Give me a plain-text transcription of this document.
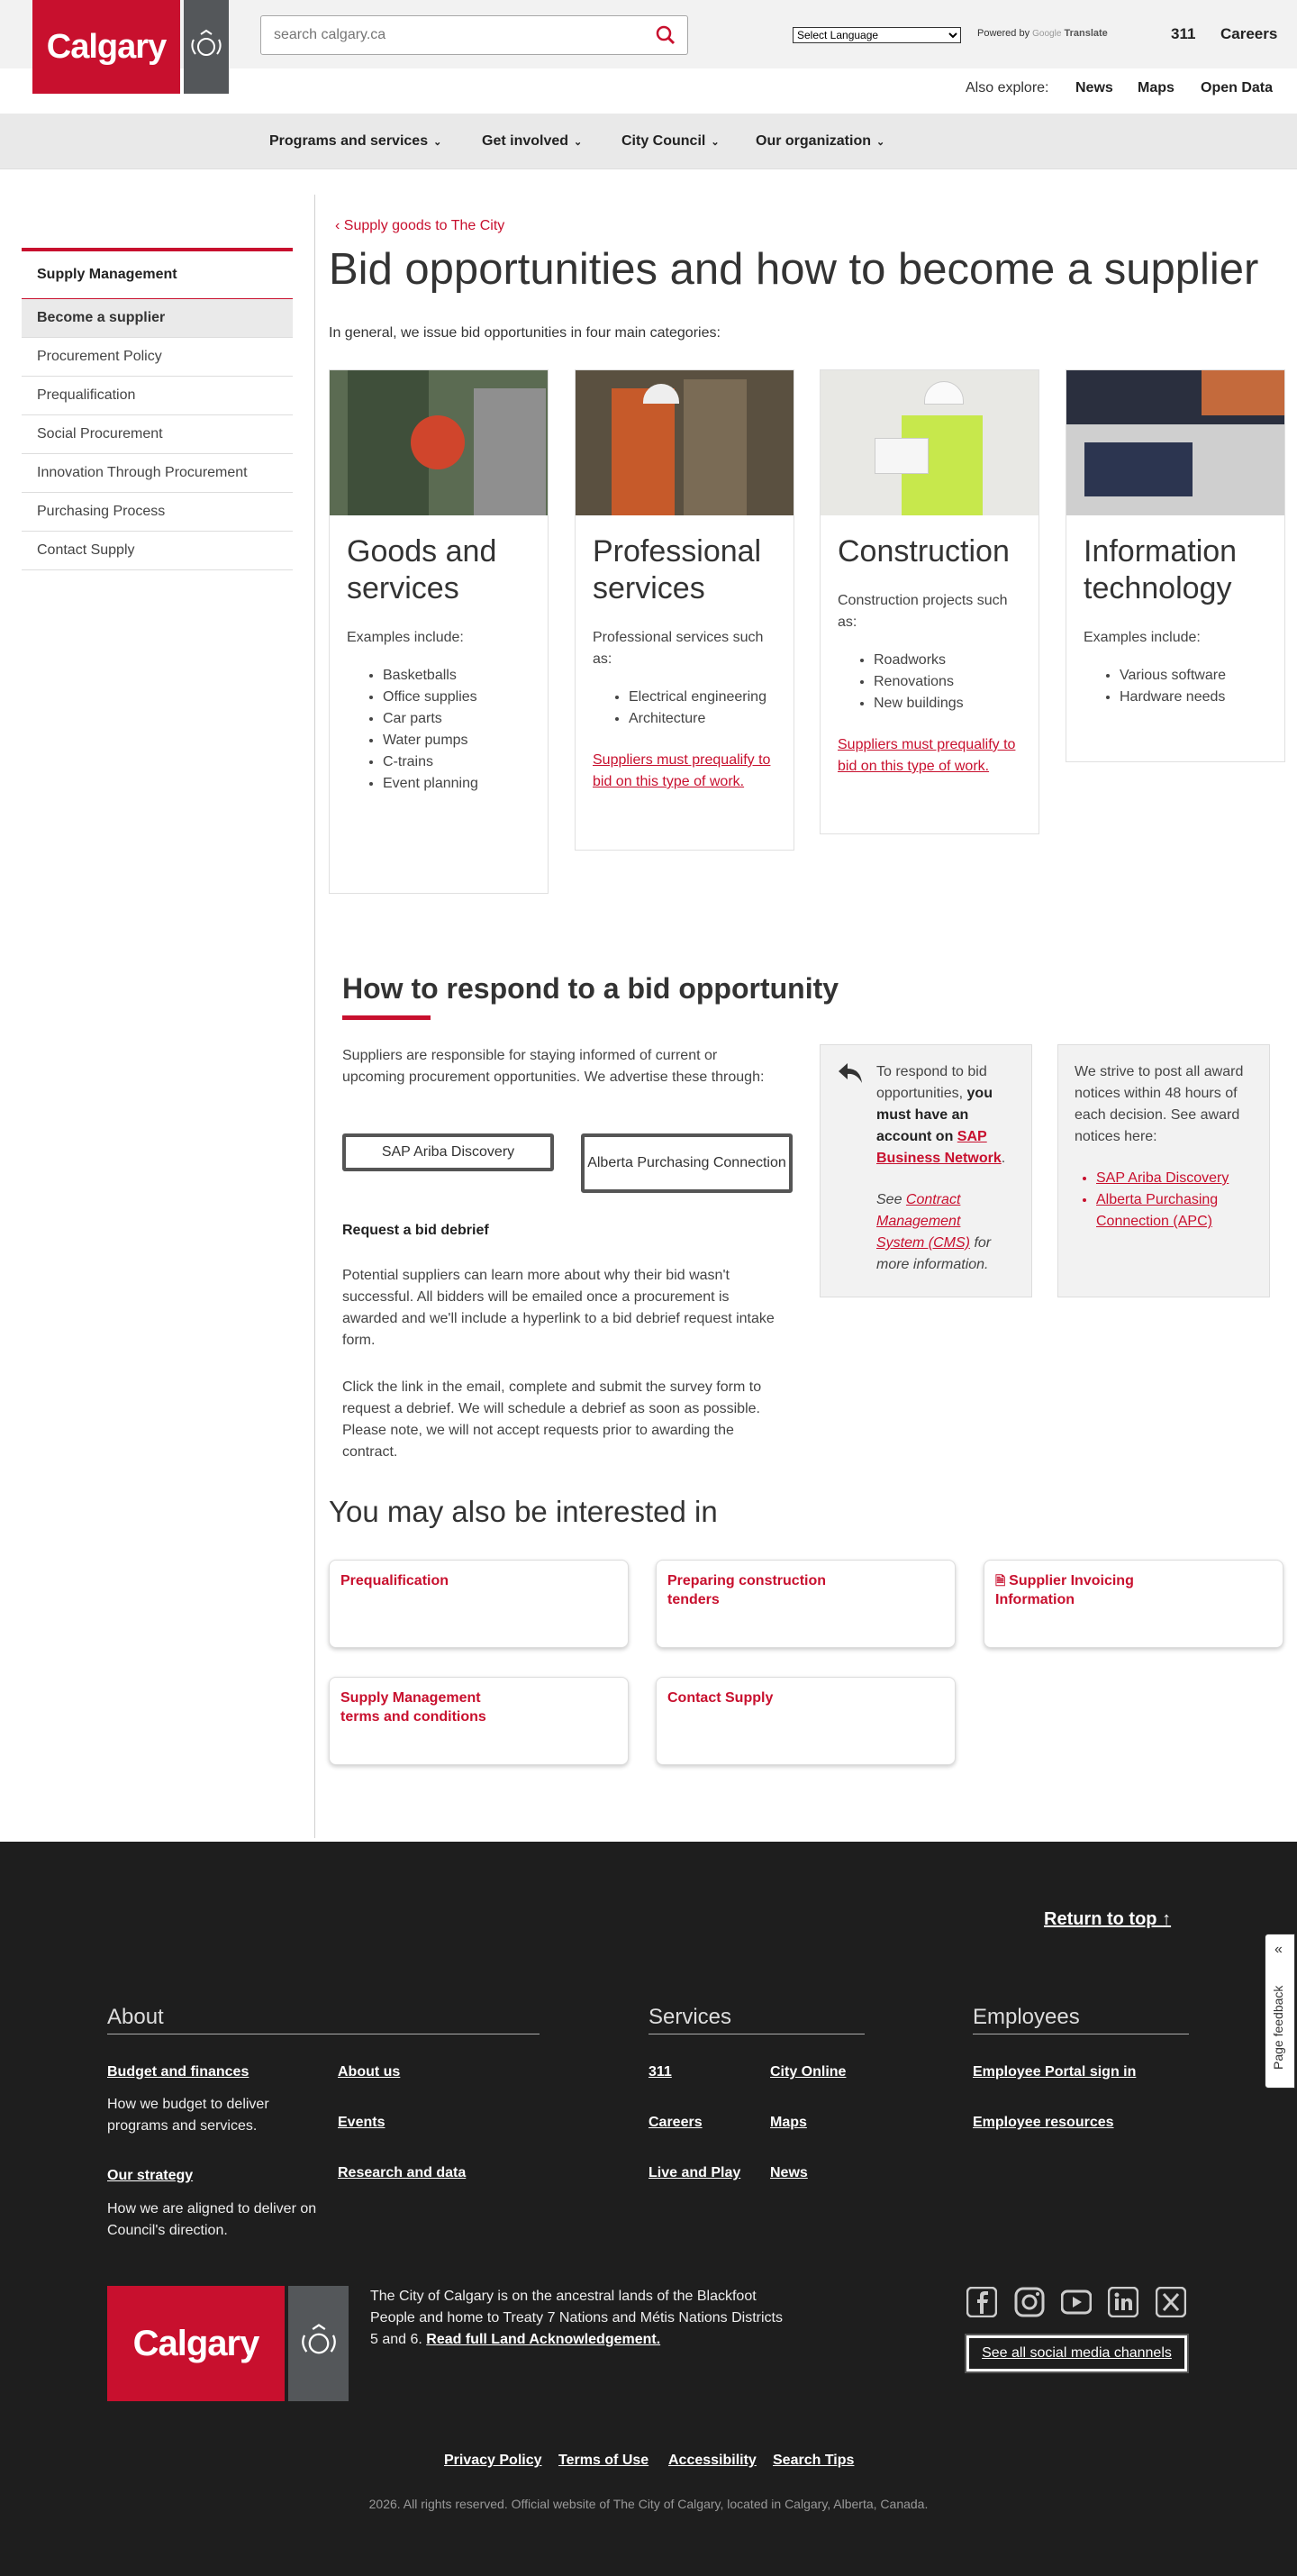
Calgary
search calgary.ca
Select Language	Powered by Google Translate	311 Careers
Also explore: News Maps Open Data
Programs and services ⌄	Get involved ⌄	City Council ⌄	Our organization ⌄
Supply Management
Become a supplier
Procurement Policy
Prequalification
Social Procurement
Innovation Through Procurement
Purchasing Process
Contact Supply
‹ Supply goods to The City
Bid opportunities and how to become a supplier

In general, we issue bid opportunities in four main categories:

Goods and
services

Examples include:

• Basketballs
• Office supplies
• Car parts
• Water pumps
• C-trains
• Event planning
Professional
services

Professional services such as:

• Electrical engineering
• Architecture
Suppliers must prequalify to bid on this type of work.
Construction

Construction projects such as:

• Roadworks
• Renovations
• New buildings
Suppliers must prequalify to bid on this type of work.
Information
technology

Examples include:

• Various software
• Hardware needs
How to respond to a bid opportunity

Suppliers are responsible for staying informed of current or upcoming procurement opportunities. We advertise these through:

SAP Ariba Discovery
Alberta Purchasing Connection

Request a bid debrief

Potential suppliers can learn more about why their bid wasn't successful. All bidders will be emailed once a procurement is awarded and we'll include a hyperlink to a bid debrief request intake form.

Click the link in the email, complete and submit the survey form to request a debrief. We will schedule a debrief as soon as possible. Please note, we will not accept requests prior to awarding the contract.

To respond to bid opportunities, you must have an account on SAP Business Network.

See Contract Management System (CMS) for more information.

We strive to post all award notices within 48 hours of each decision. See award notices here:

• SAP Ariba Discovery
• Alberta Purchasing Connection (APC)
You may also be interested in
Prequalification	Preparing construction tenders
🗎 Supplier Invoicing Information
Supply Management terms and conditions
Contact Supply
Return to top ↑
About
Budget and finances

How we budget to deliver programs and services.

Our strategy

How we are aligned to deliver on Council's direction.

About us
Events
Research and data
Services
311
Careers
Live and Play
City Online
Maps
News
Employees
Employee Portal sign in
Employee resources
Calgary

The City of Calgary is on the ancestral lands of the Blackfoot People and home to Treaty 7 Nations and Métis Nations Districts 5 and 6. Read full Land Acknowledgement.

See all social media channels
Privacy Policy Terms of Use Accessibility Search Tips

2026. All rights reserved. Official website of The City of Calgary, located in Calgary, Alberta, Canada.

«
Page feedback
